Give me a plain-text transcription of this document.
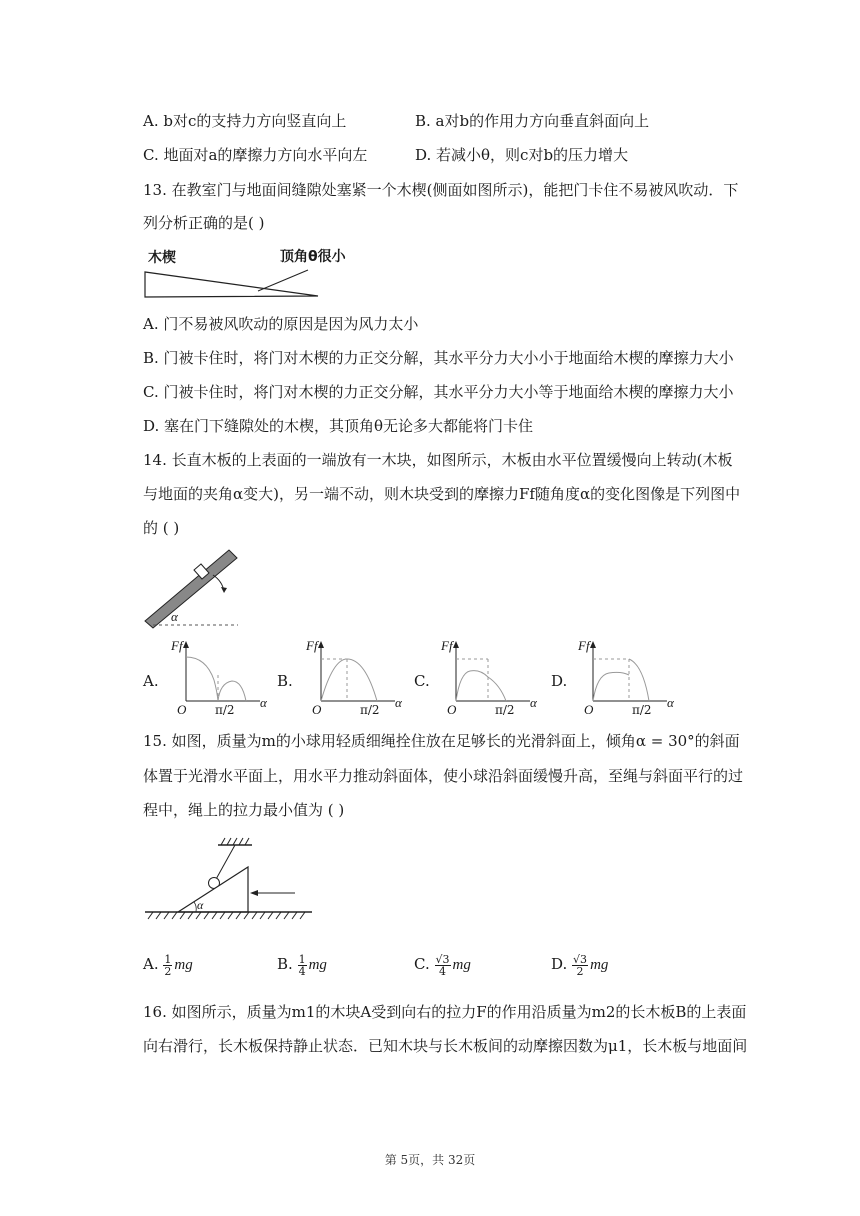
A. b对c的支持力方向竖直向上	B. a对b的作用力方向垂直斜面向上
C. 地面对a的摩擦力方向水平向左	D. 若减小θ，则c对b的压力增大
13. 在教室门与地面间缝隙处塞紧一个木楔(侧面如图所示)，能把门卡住不易被风吹动．下
列分析正确的是( )
木楔	顶角θ很小
A. 门不易被风吹动的原因是因为风力太小
B. 门被卡住时，将门对木楔的力正交分解，其水平分力大小小于地面给木楔的摩擦力大小
C. 门被卡住时，将门对木楔的力正交分解，其水平分力大小等于地面给木楔的摩擦力大小
D. 塞在门下缝隙处的木楔，其顶角θ无论多大都能将门卡住
14. 长直木板的上表面的一端放有一木块，如图所示，木板由水平位置缓慢向上转动(木板
与地面的夹角α变大)，另一端不动，则木块受到的摩擦力Ff随角度α的变化图像是下列图中
的 ( )
α
A.	B.	C.	D.
Ff
O π/2 α
Ff
O	π/2 α
Ff
O	π/2 α
Ff
O	π/2 α
15. 如图，质量为m的小球用轻质细绳拴住放在足够长的光滑斜面上，倾角α = 30°的斜面
体置于光滑水平面上，用水平力推动斜面体，使小球沿斜面缓慢升高，至绳与斜面平行的过
程中，绳上的拉力最小值为 ( )
α
A. $\frac{1}{2}$ mg	B. $\frac{1}{4}$ mg	C. $\frac{√3}{4}$ mg	D. $\frac{√3}{2}$ mg
16. 如图所示，质量为m1的木块A受到向右的拉力F的作用沿质量为m2的长木板B的上表面
向右滑行，长木板保持静止状态．已知木块与长木板间的动摩擦因数为μ1，长木板与地面间
第 5页，共 32页
